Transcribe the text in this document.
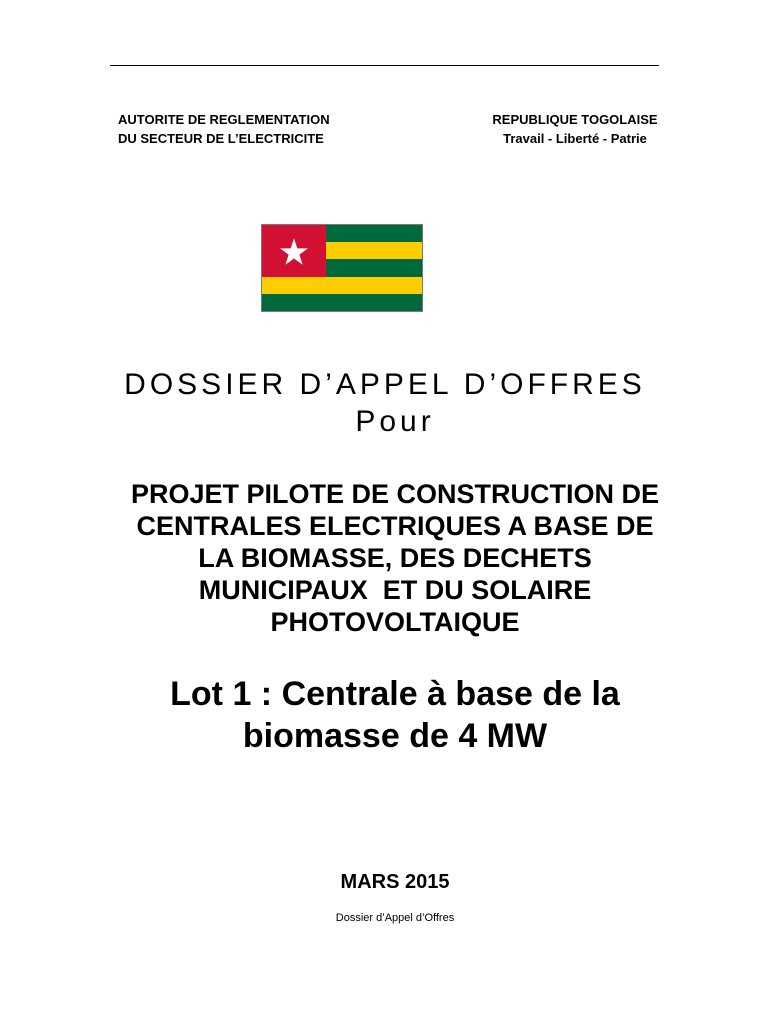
AUTORITE DE REGLEMENTATION
DU SECTEUR DE L’ELECTRICITE
REPUBLIQUE TOGOLAISE
Travail - Liberté - Patrie
DOSSIER D’APPEL D’OFFRES
Pour
PROJET PILOTE DE CONSTRUCTION DE
CENTRALES ELECTRIQUES A BASE DE
LA BIOMASSE, DES DECHETS
MUNICIPAUX  ET DU SOLAIRE
PHOTOVOLTAIQUE
Lot 1 : Centrale à base de la
biomasse de 4 MW
MARS 2015
Dossier d’Appel d’Offres
